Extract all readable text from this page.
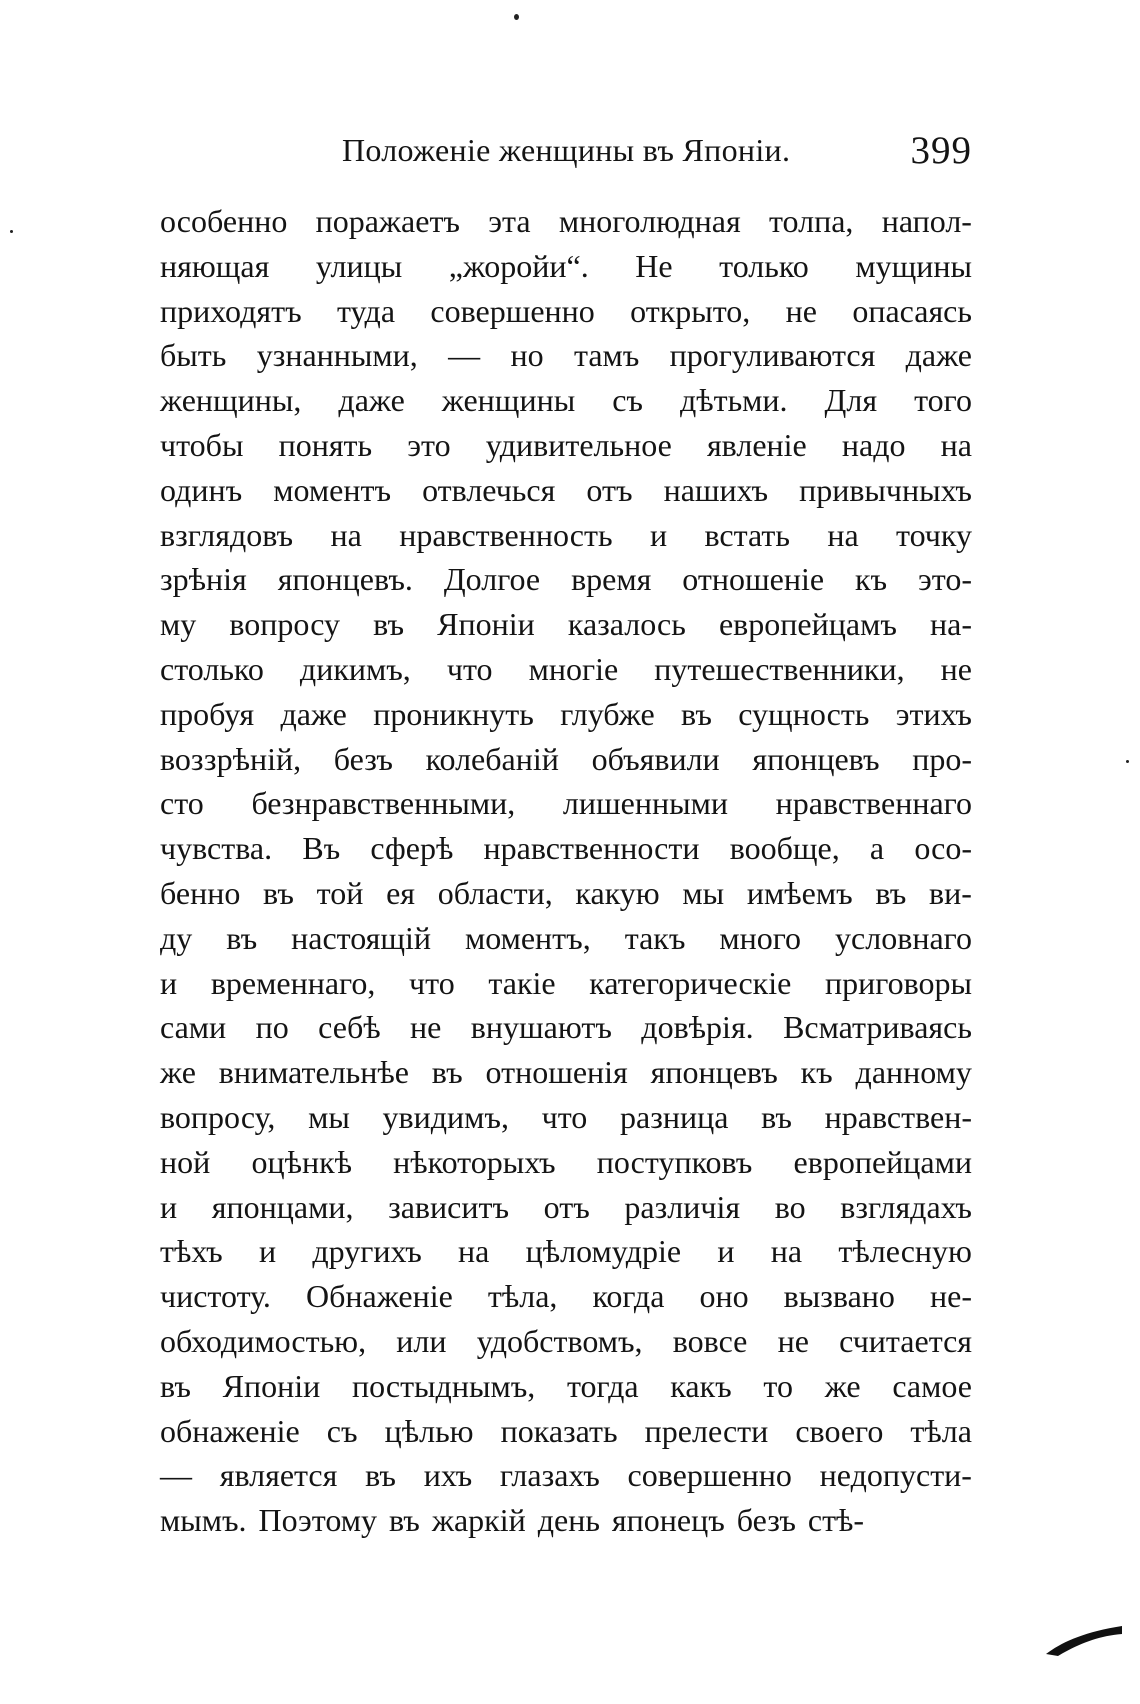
Положенiе женщины въ Японiи.	399
особенно поражаетъ эта многолюдная толпа, напол-
няющая улицы „жоройи“. Не только мущины
приходятъ туда совершенно открыто, не опасаясь
быть узнанными, — но тамъ прогуливаются даже
женщины, даже женщины съ дѣтьми. Для того
чтобы понять это удивительное явленiе надо на
одинъ моментъ отвлечься отъ нашихъ привычныхъ
взглядовъ на нравственность и встать на точку
зрѣнiя японцевъ. Долгое время отношенiе къ это-
му вопросу въ Японiи казалось европейцамъ на-
столько дикимъ, что многiе путешественники, не
пробуя даже проникнуть глубже въ сущность этихъ
воззрѣнiй, безъ колебанiй объявили японцевъ про-
сто безнравственными, лишенными нравственнаго
чувства. Въ сферѣ нравственности вообще, а осо-
бенно въ той ея области, какую мы имѣемъ въ ви-
ду въ настоящiй моментъ, такъ много условнаго
и временнаго, что такiе категорическiе приговоры
сами по себѣ не внушаютъ довѣрiя. Всматриваясь
же внимательнѣе въ отношенiя японцевъ къ данному
вопросу, мы увидимъ, что разница въ нравствен-
ной оцѣнкѣ нѣкоторыхъ поступковъ европейцами
и японцами, зависитъ отъ различiя во взглядахъ
тѣхъ и другихъ на цѣломудрiе и на тѣлесную
чистоту. Обнаженiе тѣла, когда оно вызвано не-
обходимостью, или удобствомъ, вовсе не считается
въ Японiи постыднымъ, тогда какъ то же самое
обнаженiе съ цѣлью показать прелести своего тѣла
— является въ ихъ глазахъ совершенно недопусти-
мымъ. Поэтому въ жаркiй день японецъ безъ стѣ-
